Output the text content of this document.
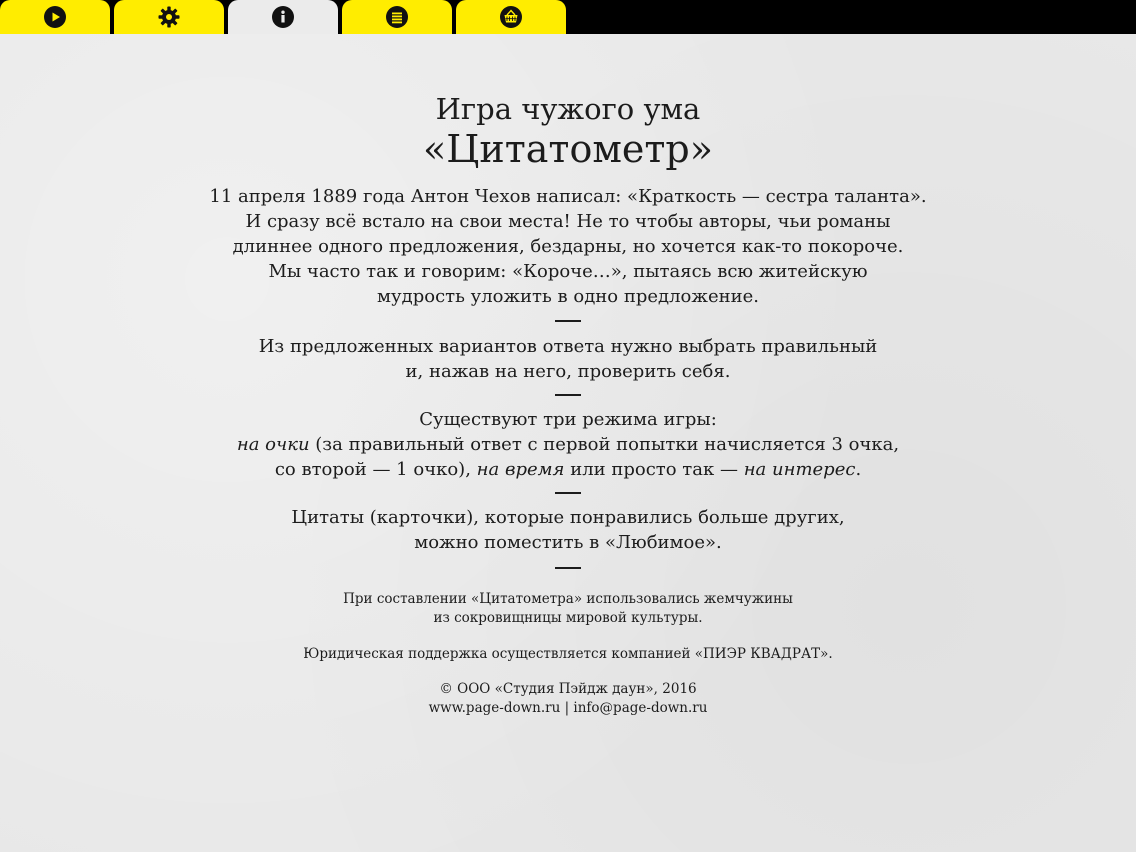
Игра чужого ума
«Цитатометр»

11 апреля 1889 года Антон Чехов написал: «Краткость — сестра таланта».

И сразу всё встало на свои места! Не то чтобы авторы, чьи романы

длиннее одного предложения, бездарны, но хочется как-то покороче.

Мы часто так и говорим: «Короче…», пытаясь всю житейскую

мудрость уложить в одно предложение.

Из предложенных вариантов ответа нужно выбрать правильный

и, нажав на него, проверить себя.

Существуют три режима игры:

на очки (за правильный ответ с первой попытки начисляется 3 очка,

со второй — 1 очко), на время или просто так — на интерес.

Цитаты (карточки), которые понравились больше других,

можно поместить в «Любимое».

При составлении «Цитатометра» использовались жемчужины

из сокровищницы мировой культуры.

Юридическая поддержка осуществляется компанией «ПИЭР КВАДРАТ».

© ООО «Студия Пэйдж даун», 2016

www.page-down.ru | info@page-down.ru
